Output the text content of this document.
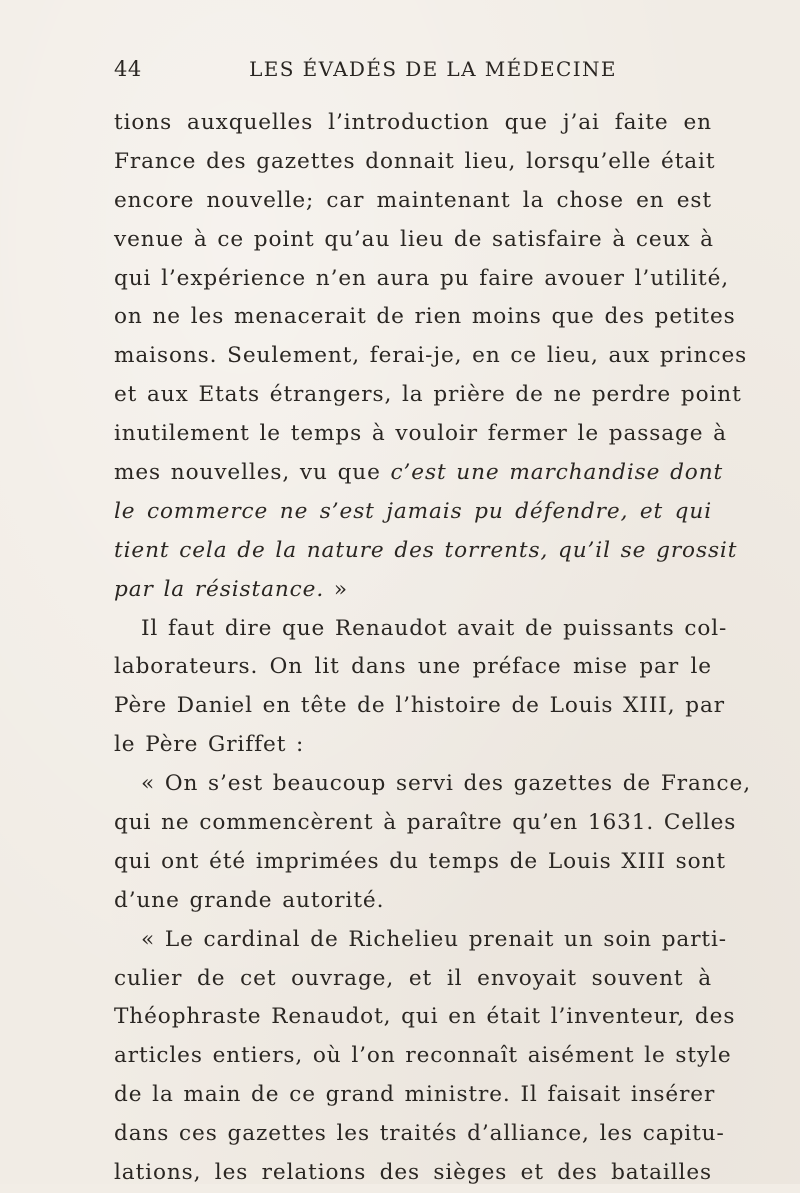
44	LES ÉVADÉS DE LA MÉDECINE
tions auxquelles l’introduction que j’ai faite en
France des gazettes donnait lieu, lorsqu’elle était
encore nouvelle; car maintenant la chose en est
venue à ce point qu’au lieu de satisfaire à ceux à
qui l’expérience n’en aura pu faire avouer l’utilité,
on ne les menacerait de rien moins que des petites
maisons. Seulement, ferai-je, en ce lieu, aux princes
et aux Etats étrangers, la prière de ne perdre point
inutilement le temps à vouloir fermer le passage à
mes nouvelles, vu que c’est une marchandise dont
le commerce ne s’est jamais pu défendre, et qui
tient cela de la nature des torrents, qu’il se grossit
par la résistance. »
Il faut dire que Renaudot avait de puissants col-
laborateurs. On lit dans une préface mise par le
Père Daniel en tête de l’histoire de Louis XIII, par
le Père Griffet :
« On s’est beaucoup servi des gazettes de France,
qui ne commencèrent à paraître qu’en 1631. Celles
qui ont été imprimées du temps de Louis XIII sont
d’une grande autorité.
« Le cardinal de Richelieu prenait un soin parti-
culier de cet ouvrage, et il envoyait souvent à
Théophraste Renaudot, qui en était l’inventeur, des
articles entiers, où l’on reconnaît aisément le style
de la main de ce grand ministre. Il faisait insérer
dans ces gazettes les traités d’alliance, les capitu-
lations, les relations des sièges et des batailles
